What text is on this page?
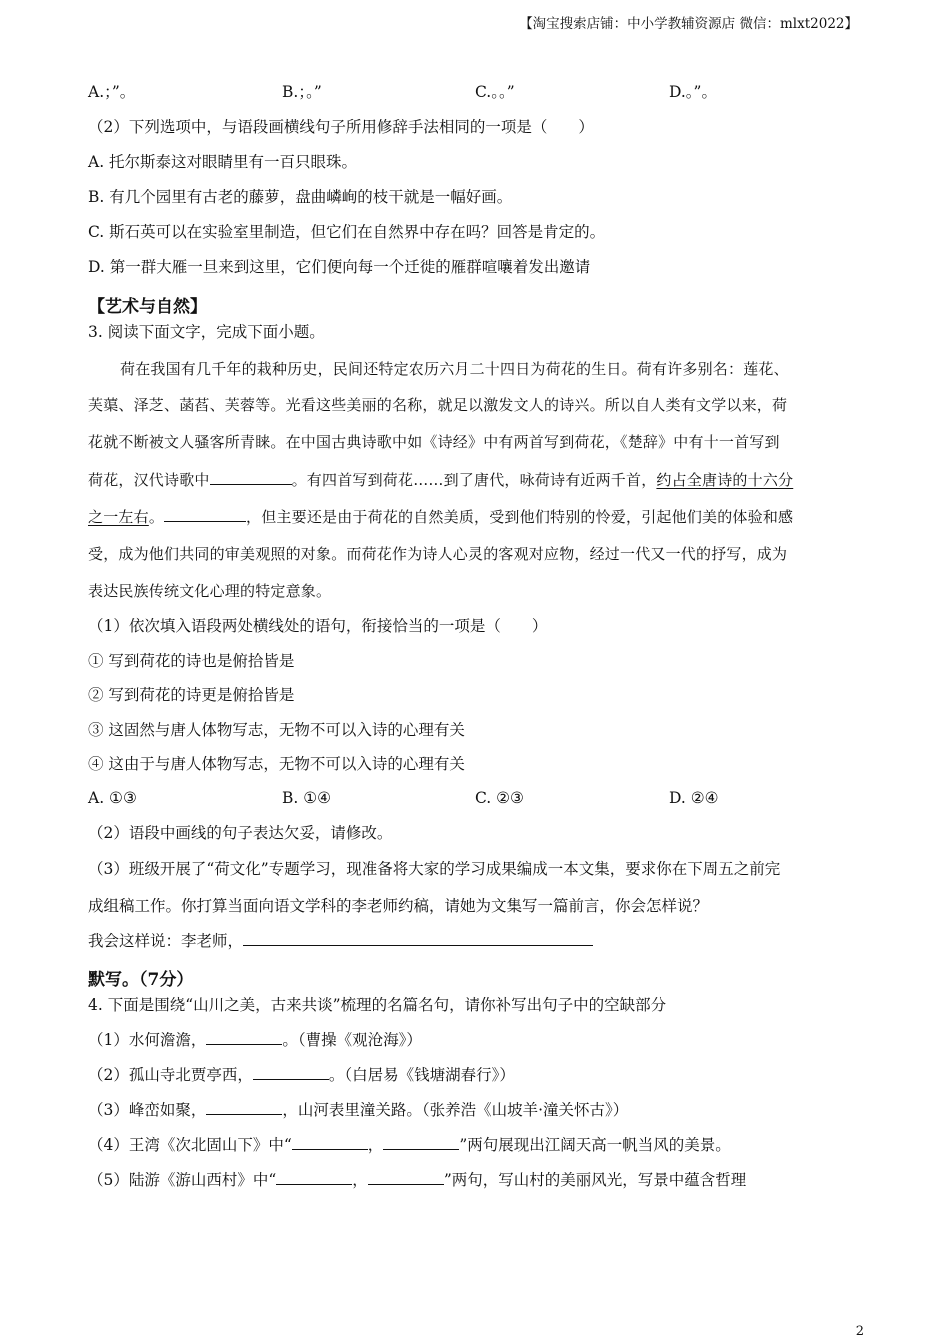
【淘宝搜索店铺：中小学教辅资源店 微信：mlxt2022】
A.；”。	B.；。”	C.。。”	D.。”。
（2）下列选项中，与语段画横线句子所用修辞手法相同的一项是（　　）
A. 托尔斯泰这对眼睛里有一百只眼珠。
B. 有几个园里有古老的藤萝，盘曲嶙峋的枝干就是一幅好画。
C. 斯石英可以在实验室里制造，但它们在自然界中存在吗？回答是肯定的。
D. 第一群大雁一旦来到这里，它们便向每一个迁徙的雁群喧嚷着发出邀请
【艺术与自然】
3. 阅读下面文字，完成下面小题。
荷在我国有几千年的栽种历史，民间还特定农历六月二十四日为荷花的生日。荷有许多别名：莲花、
芙蕖、泽芝、菡萏、芙蓉等。光看这些美丽的名称，就足以激发文人的诗兴。所以自人类有文学以来，荷
花就不断被文人骚客所青睐。在中国古典诗歌中如《诗经》中有两首写到荷花，《楚辞》中有十一首写到
荷花，汉代诗歌中	。有四首写到荷花……到了唐代，咏荷诗有近两千首，约占全唐诗的十六分
之一左右。	，但主要还是由于荷花的自然美质，受到他们特别的怜爱，引起他们美的体验和感
受，成为他们共同的审美观照的对象。而荷花作为诗人心灵的客观对应物，经过一代又一代的抒写，成为
表达民族传统文化心理的特定意象。
（1）依次填入语段两处横线处的语句，衔接恰当的一项是（　　）
① 写到荷花的诗也是俯拾皆是
② 写到荷花的诗更是俯拾皆是
③ 这固然与唐人体物写志，无物不可以入诗的心理有关
④ 这由于与唐人体物写志，无物不可以入诗的心理有关
A. ①③	B. ①④	C. ②③	D. ②④
（2）语段中画线的句子表达欠妥，请修改。
（3）班级开展了“荷文化”专题学习，现准备将大家的学习成果编成一本文集，要求你在下周五之前完
成组稿工作。你打算当面向语文学科的李老师约稿，请她为文集写一篇前言，你会怎样说？
我会这样说：李老师，
默写。（7分）
4. 下面是围绕“山川之美，古来共谈”梳理的名篇名句，请你补写出句子中的空缺部分
（1）水何澹澹，	。（曹操《观沧海》）
（2）孤山寺北贾亭西，	。（白居易《钱塘湖春行》）
（3）峰峦如聚，	，山河表里潼关路。（张养浩《山坡羊·潼关怀古》）
（4）王湾《次北固山下》中“	，	”两句展现出江阔天高一帆当风的美景。
（5）陆游《游山西村》中“	，	”两句，写山村的美丽风光，写景中蕴含哲理
2
